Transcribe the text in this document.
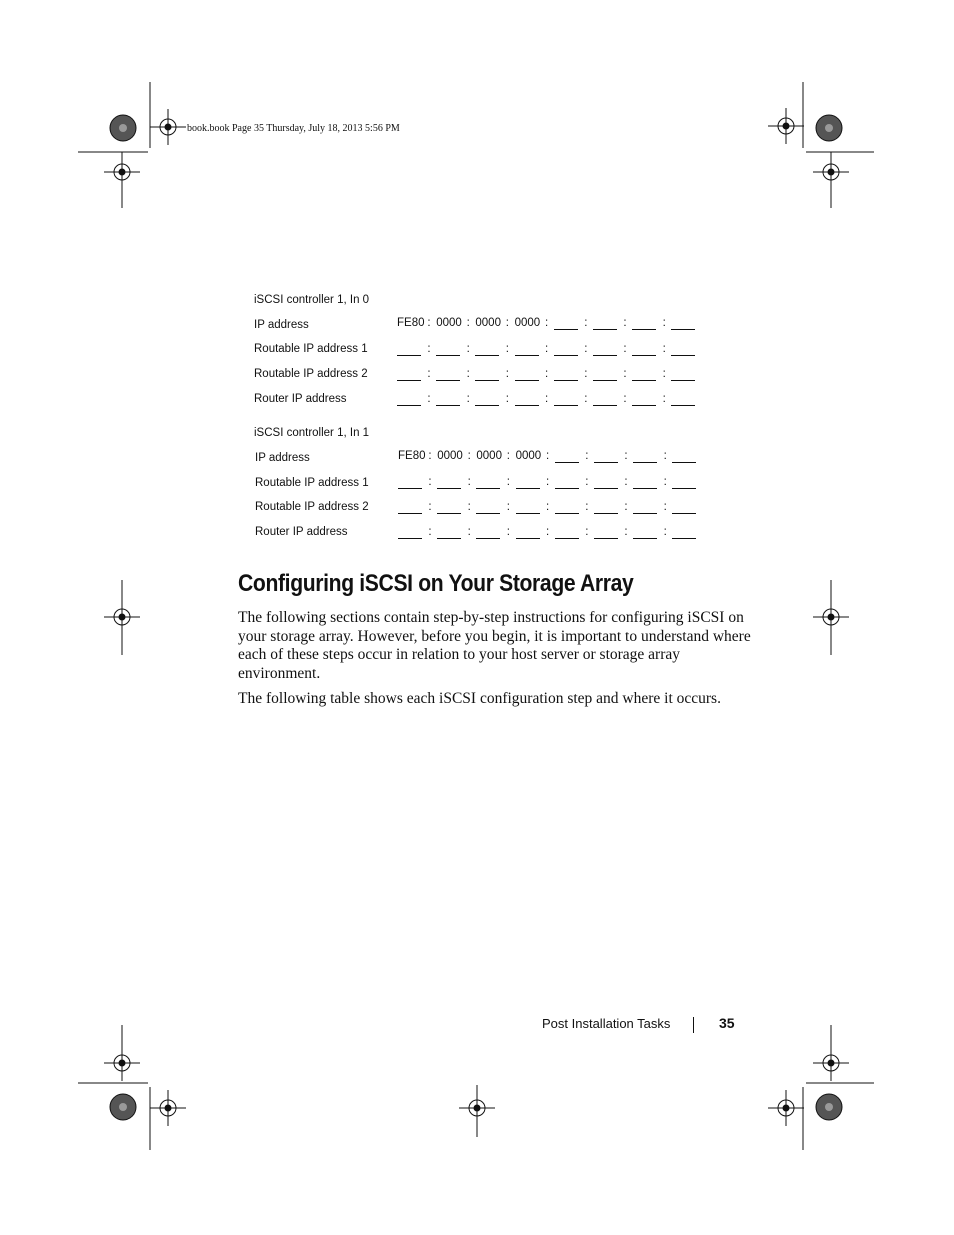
book.book Page 35 Thursday, July 18, 2013 5:56 PM
iSCSI controller 1, In 0
IP address	FE80 : 0000 : 0000 : 0000 :	:	:	:
Routable IP address 1	:	:	:	:	:	:	:
Routable IP address 2	:	:	:	:	:	:	:
Router IP address	:	:	:	:	:	:	:
iSCSI controller 1, In 1
IP address	FE80 : 0000 : 0000 : 0000 :	:	:	:
Routable IP address 1	:	:	:	:	:	:	:
Routable IP address 2	:	:	:	:	:	:	:
Router IP address	:	:	:	:	:	:	:
Configuring iSCSI on Your Storage Array

The following sections contain step-by-step instructions for configuring iSCSI on your storage array. However, before you begin, it is important to understand where each of these steps occur in relation to your host server or storage array environment.

The following table shows each iSCSI configuration step and where it occurs.

Post Installation Tasks	35
